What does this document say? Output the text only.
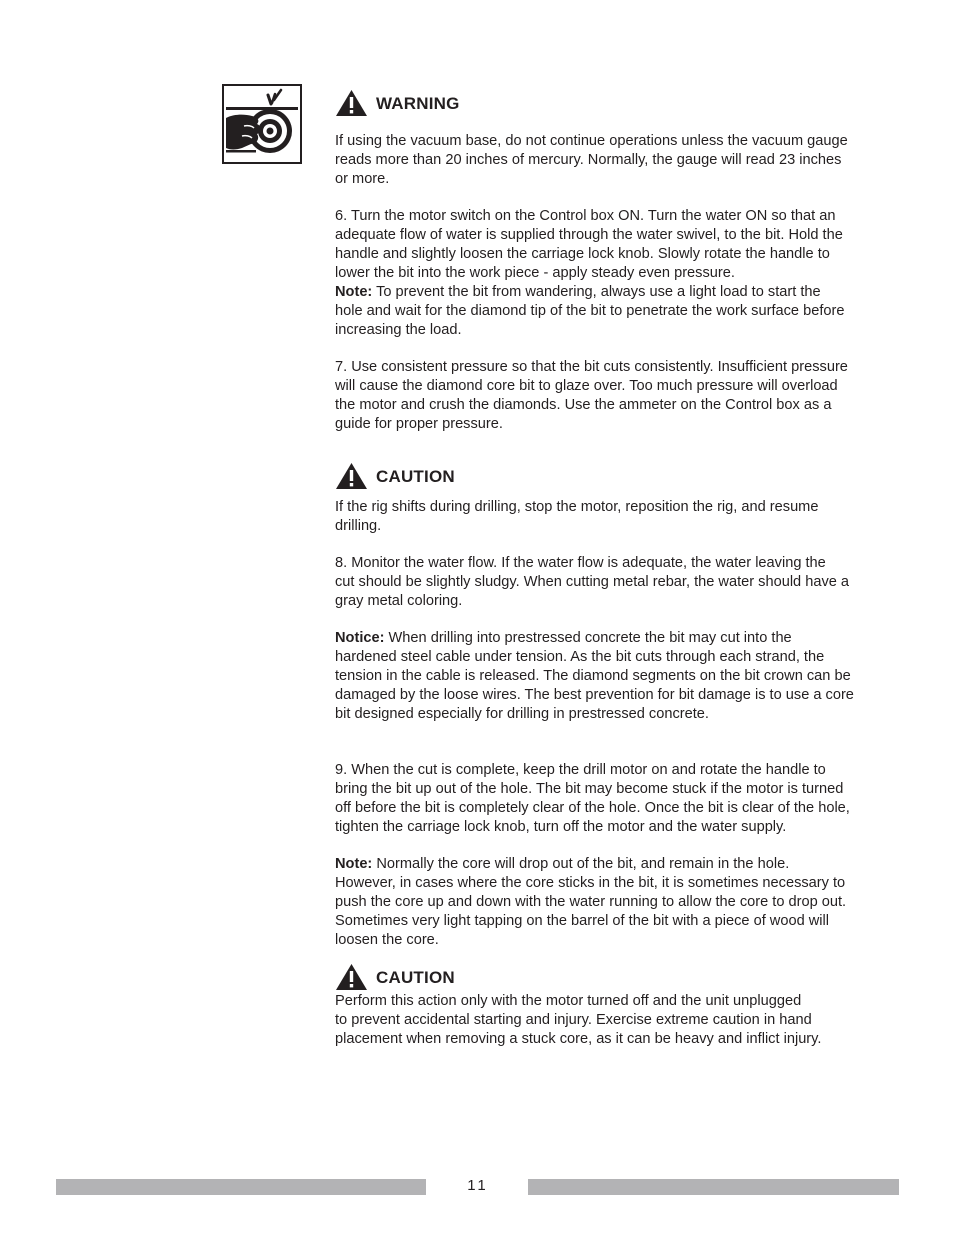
WARNING

If using the vacuum base, do not continue operations unless the vacuum gauge
reads more than 20 inches of mercury. Normally, the gauge will read 23 inches
or more.

6. Turn the motor switch on the Control box ON. Turn the water ON so that an
adequate flow of water is supplied through the water swivel, to the bit. Hold the
handle and slightly loosen the carriage lock knob. Slowly rotate the handle to
lower the bit into the work piece - apply steady even pressure.
Note: To prevent the bit from wandering, always use a light load to start the
hole and wait for the diamond tip of the bit to penetrate the work surface before
increasing the load.

7. Use consistent pressure so that the bit cuts consistently. Insufficient pressure
will cause the diamond core bit to glaze over. Too much pressure will overload
the motor and crush the diamonds. Use the ammeter on the Control box as a
guide for proper pressure.

CAUTION

If the rig shifts during drilling, stop the motor, reposition the rig, and resume
drilling.

8. Monitor the water flow. If the water flow is adequate, the water leaving the
cut should be slightly sludgy. When cutting metal rebar, the water should have a
gray metal coloring.

Notice: When drilling into prestressed concrete the bit may cut into the
hardened steel cable under tension. As the bit cuts through each strand, the
tension in the cable is released. The diamond segments on the bit crown can be
damaged by the loose wires. The best prevention for bit damage is to use a core
bit designed especially for drilling in prestressed concrete.

9. When the cut is complete, keep the drill motor on and rotate the handle to
bring the bit up out of the hole. The bit may become stuck if the motor is turned
off before the bit is completely clear of the hole. Once the bit is clear of the hole,
tighten the carriage lock knob, turn off the motor and the water supply.

Note: Normally the core will drop out of the bit, and remain in the hole.
However, in cases where the core sticks in the bit, it is sometimes necessary to
push the core up and down with the water running to allow the core to drop out.
Sometimes very light tapping on the barrel of the bit with a piece of wood will
loosen the core.

CAUTION

Perform this action only with the motor turned off and the unit unplugged
to prevent accidental starting and injury. Exercise extreme caution in hand
placement when removing a stuck core, as it can be heavy and inflict injury.

11
